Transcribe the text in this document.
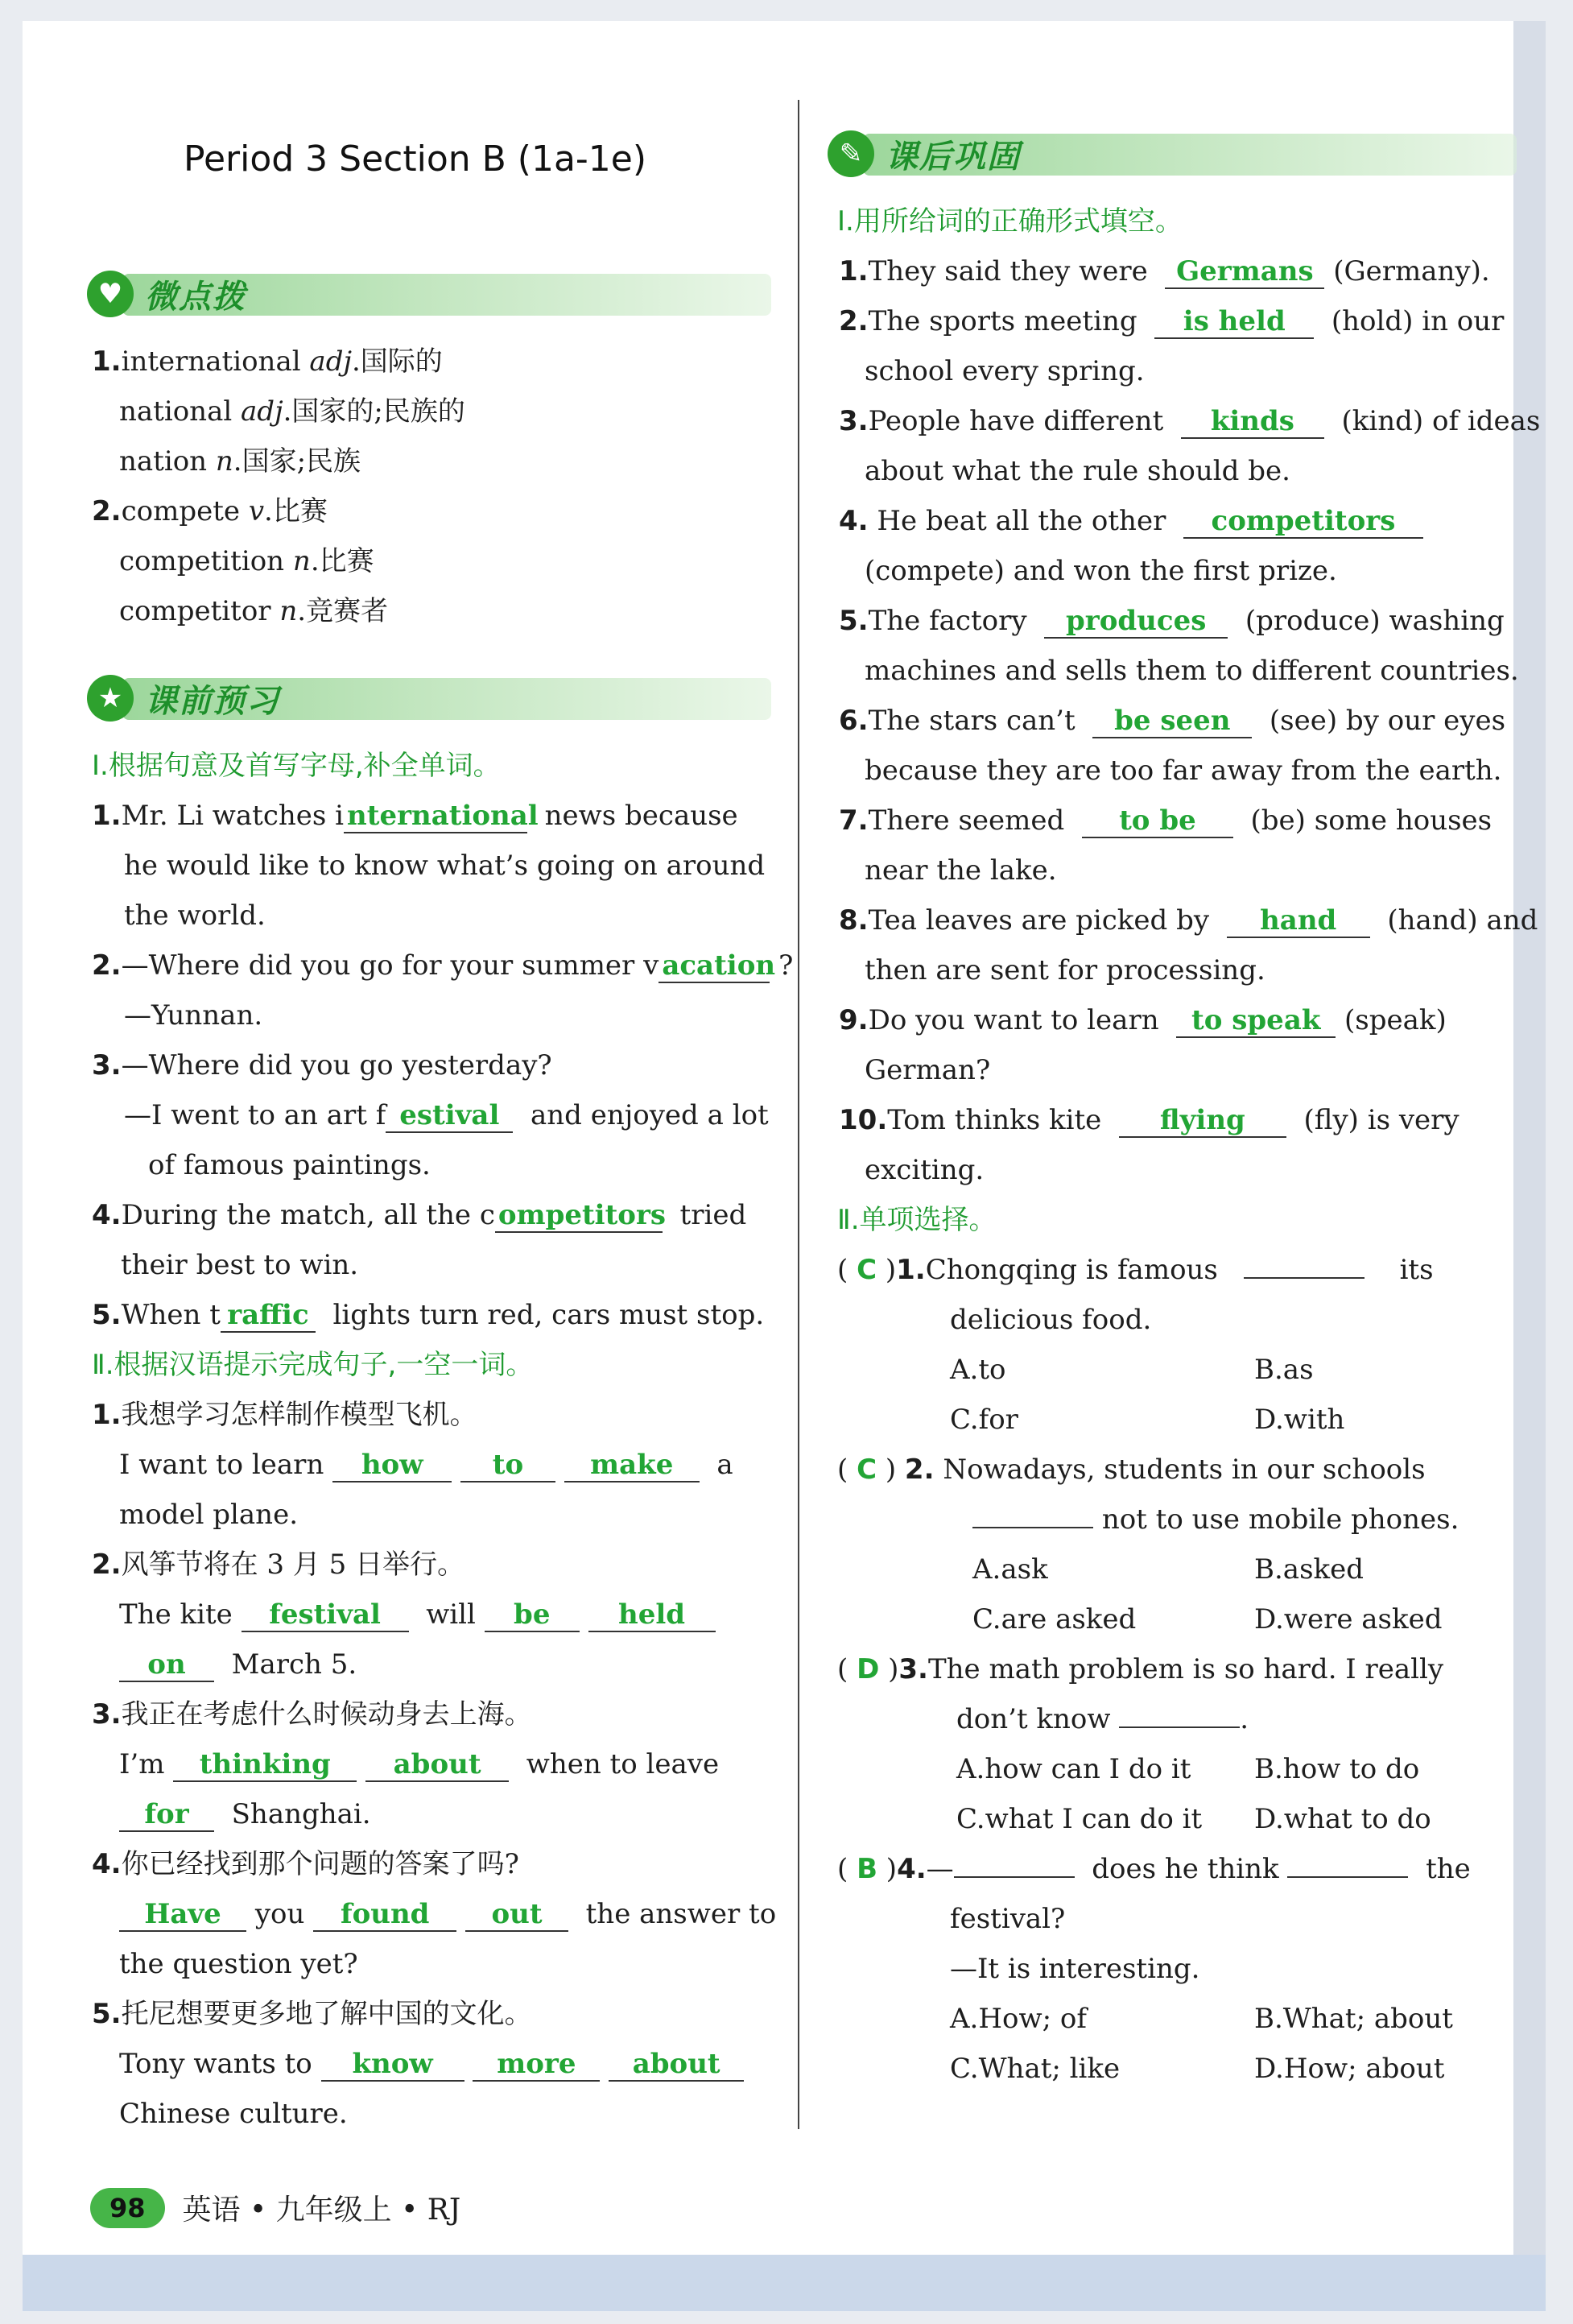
Period 3 Section B (1a-1e)
♥ 微点拨
1.international adj.国际的
national adj.国家的;民族的
nation n.国家;民族
2.compete v.比赛
competition n.比赛
competitor n.竞赛者
★ 课前预习
Ⅰ.根据句意及首写字母,补全单词。
1.Mr. Li watches i nternational news because
he would like to know what’s going on around
the world.
2.—Where did you go for your summer v acation ?
—Yunnan.
3.—Where did you go yesterday?
—I went to an art f estival and enjoyed a lot
of famous paintings.
4.During the match, all the c ompetitors tried
their best to win.
5.When t raffic lights turn red, cars must stop.
Ⅱ.根据汉语提示完成句子,一空一词。
1.我想学习怎样制作模型飞机。
I want to learn how	to make a
model plane.
2.风筝节将在 3 月 5 日举行。
The kite festival will be held
on March 5.
3.我正在考虑什么时候动身去上海。
I’m thinking about when to leave
for Shanghai.
4.你已经找到那个问题的答案了吗?
Have you found out the answer to
the question yet?
5.托尼想要更多地了解中国的文化。
Tony wants to know more about
Chinese culture.
✎ 课后巩固
Ⅰ.用所给词的正确形式填空。
1.They said they were Germans (Germany).
2.The sports meeting is held (hold) in our
school every spring.
3.People have different kinds (kind) of ideas
about what the rule should be.
4. He beat all the other competitors
(compete) and won the first prize.
5.The factory produces (produce) washing
machines and sells them to different countries.
6.The stars can’t be seen (see) by our eyes
because they are too far away from the earth.
7.There seemed to be (be) some houses
near the lake.
8.Tea leaves are picked by hand (hand) and
then are sent for processing.
9.Do you want to learn to speak (speak)
German?
10.Tom thinks kite flying (fly) is very
exciting.
Ⅱ.单项选择。
( C )1.Chongqing is famous	its
delicious food.
A.to	B.as
C.for	D.with
( C ) 2. Nowadays, students in our schools
not to use mobile phones.
A.ask	B.asked
C.are asked	D.were asked
( D )3.The math problem is so hard. I really
don’t know	.
A.how can I do it B.how to do
C.what I can do it D.what to do
( B )4.—	does he think	the
festival?
—It is interesting.
A.How; of	B.What; about
C.What; like	D.How; about
98	英语 • 九年级上 • RJ
